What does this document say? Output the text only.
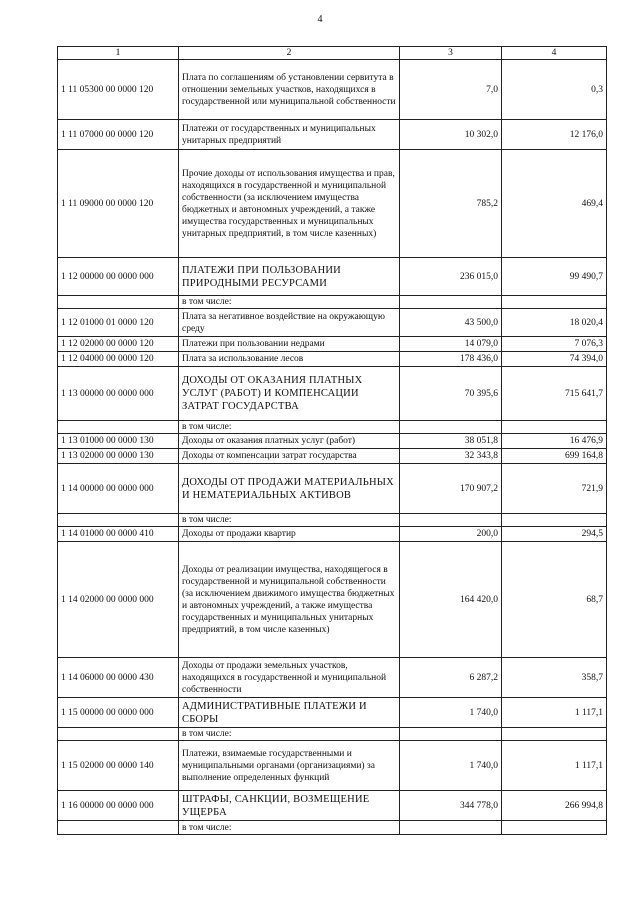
4
1	2	3	4
1 11 05300 00 0000 120	Плата по соглашениям об установлении сервитута в отношении земельных участков, находящихся в государственной или муниципальной собственности	7,0	0,3
1 11 07000 00 0000 120	Платежи от государственных и муниципальных унитарных предприятий	10 302,0	12 176,0
1 11 09000 00 0000 120	Прочие доходы от использования имущества и прав, находящихся в государственной и муниципальной собственности (за исключением имущества бюджетных и автономных учреждений, а также имущества государственных и муниципальных унитарных предприятий, в том числе казенных)	785,2	469,4
1 12 00000 00 0000 000	ПЛАТЕЖИ ПРИ ПОЛЬЗОВАНИИ ПРИРОДНЫМИ РЕСУРСАМИ	236 015,0	99 490,7
	в том числе:		
1 12 01000 01 0000 120	Плата за негативное воздействие на окружающую среду	43 500,0	18 020,4
1 12 02000 00 0000 120	Платежи при пользовании недрами	14 079,0	7 076,3
1 12 04000 00 0000 120	Плата за использование лесов	178 436,0	74 394,0
1 13 00000 00 0000 000	ДОХОДЫ ОТ ОКАЗАНИЯ ПЛАТНЫХ УСЛУГ (РАБОТ) И КОМПЕНСАЦИИ ЗАТРАТ ГОСУДАРСТВА	70 395,6	715 641,7
	в том числе:		
1 13 01000 00 0000 130	Доходы от оказания платных услуг (работ)	38 051,8	16 476,9
1 13 02000 00 0000 130	Доходы от компенсации затрат государства	32 343,8	699 164,8
1 14 00000 00 0000 000	ДОХОДЫ ОТ ПРОДАЖИ МАТЕРИАЛЬНЫХ И НЕМАТЕРИАЛЬНЫХ АКТИВОВ	170 907,2	721,9
	в том числе:		
1 14 01000 00 0000 410	Доходы от продажи квартир	200,0	294,5
1 14 02000 00 0000 000	Доходы от реализации имущества, находящегося в государственной и муниципальной собственности (за исключением движимого имущества бюджетных и автономных учреждений, а также имущества государственных и муниципальных унитарных предприятий, в том числе казенных)	164 420,0	68,7
1 14 06000 00 0000 430	Доходы от продажи земельных участков, находящихся в государственной и муниципальной собственности	6 287,2	358,7
1 15 00000 00 0000 000	АДМИНИСТРАТИВНЫЕ ПЛАТЕЖИ И СБОРЫ	1 740,0	1 117,1
	в том числе:		
1 15 02000 00 0000 140	Платежи, взимаемые государственными и муниципальными органами (организациями) за выполнение определенных функций	1 740,0	1 117,1
1 16 00000 00 0000 000	ШТРАФЫ, САНКЦИИ, ВОЗМЕЩЕНИЕ УЩЕРБА	344 778,0	266 994,8
	в том числе:		
